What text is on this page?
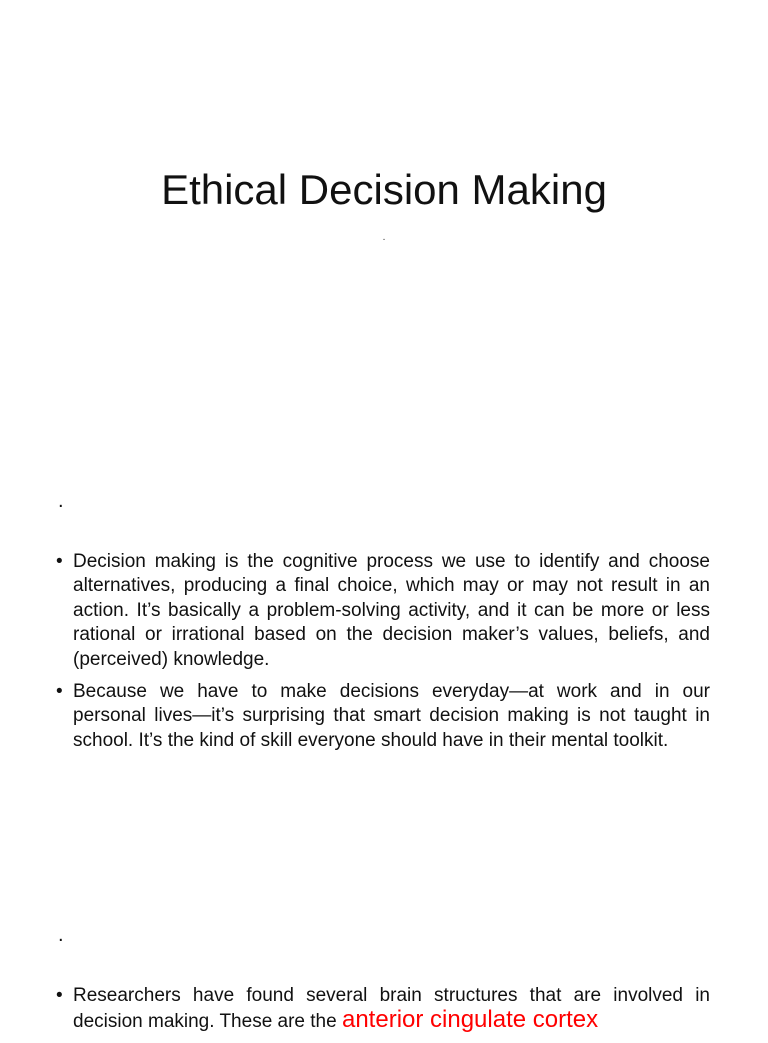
Ethical Decision Making
.
.
• Decision making is the cognitive process we use to identify and choose alternatives, producing a final choice, which may or may not result in an action. It’s basically a problem-solving activity, and it can be more or less rational or irrational based on the decision maker’s values, beliefs, and (perceived) knowledge.
• Because we have to make decisions everyday—at work and in our personal lives—it’s surprising that smart decision making is not taught in school. It’s the kind of skill everyone should have in their mental toolkit.
.
• Researchers have found several brain structures that are involved in decision making. These are the anterior cingulate cortex
